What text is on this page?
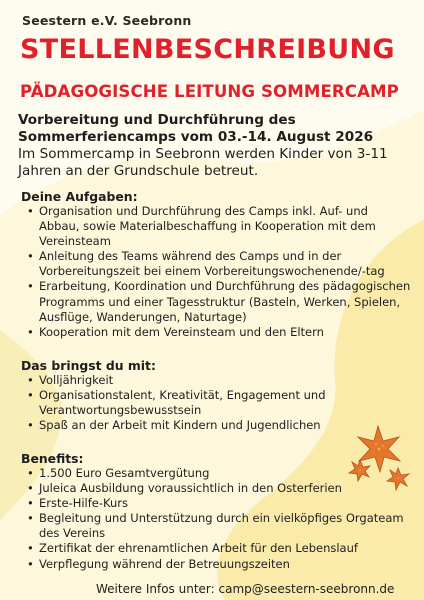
Seestern e.V. Seebronn
STELLENBESCHREIBUNG
PÄDAGOGISCHE LEITUNG SOMMERCAMP
Vorbereitung und Durchführung des Sommerferiencamps vom 03.-14. August 2026
Im Sommercamp in Seebronn werden Kinder von 3-11 Jahren an der Grundschule betreut.
Deine Aufgaben:
• Organisation und Durchführung des Camps inkl. Auf- und Abbau, sowie Materialbeschaffung in Kooperation mit dem Vereinsteam
• Anleitung des Teams während des Camps und in der Vorbereitungszeit bei einem Vorbereitungswochenende/-tag
• Erarbeitung, Koordination und Durchführung des pädagogischen Programms und einer Tagesstruktur (Basteln, Werken, Spielen, Ausflüge, Wanderungen, Naturtage)
• Kooperation mit dem Vereinsteam und den Eltern
Das bringst du mit:
• Volljährigkeit
• Organisationstalent, Kreativität, Engagement und Verantwortungsbewusstsein
• Spaß an der Arbeit mit Kindern und Jugendlichen
Benefits:
• 1.500 Euro Gesamtvergütung
• Juleica Ausbildung voraussichtlich in den Osterferien
• Erste-Hilfe-Kurs
• Begleitung und Unterstützung durch ein vielköpfiges Orgateam des Vereins
• Zertifikat der ehrenamtlichen Arbeit für den Lebenslauf
• Verpflegung während der Betreuungszeiten
Weitere Infos unter: camp@seestern-seebronn.de
